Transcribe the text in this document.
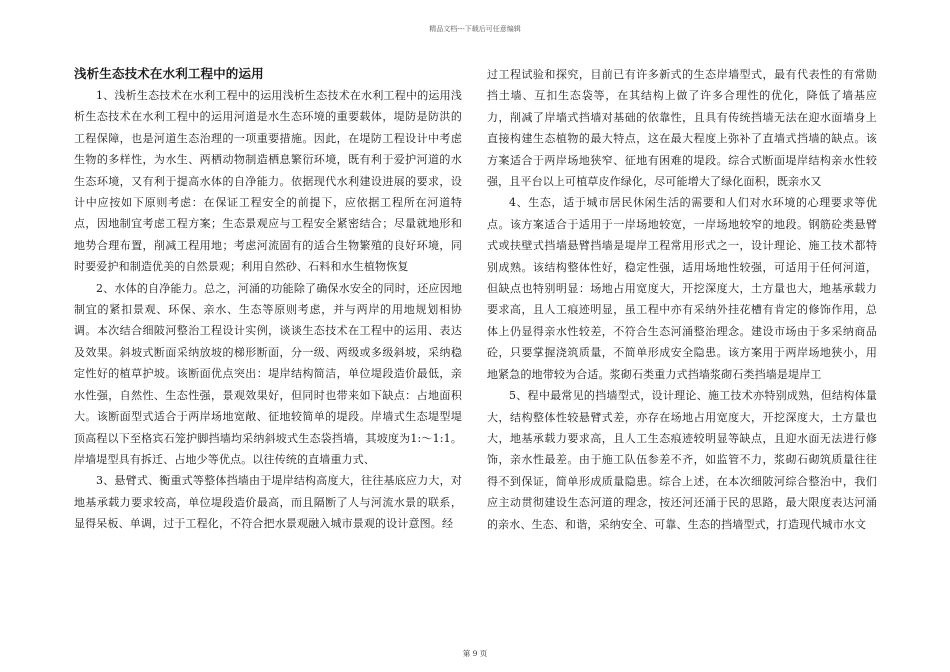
精品文档---下载后可任意编辑
浅析生态技术在水利工程中的运用

1、浅析生态技术在水利工程中的运用浅析生态技术在水利工程中的运用浅析生态技术在水利工程中的运用河道是水生态环境的重要载体，堤防是防洪的工程保障，也是河道生态治理的一项重要措施。因此，在堤防工程设计中考虑生物的多样性，为水生、两栖动物制造栖息繁衍环境，既有利于爱护河道的水生态环境，又有利于提高水体的自净能力。依据现代水利建设进展的要求，设计中应按如下原则考虑：在保证工程安全的前提下，应依据工程所在河道特点，因地制宜考虑工程方案；生态景观应与工程安全紧密结合；尽量就地形和地势合理布置，削减工程用地；考虑河流固有的适合生物繁殖的良好环境，同时要爱护和制造优美的自然景观；利用自然砂、石料和水生植物恢复

2、水体的自净能力。总之，河涌的功能除了确保水安全的同时，还应因地制宜的紧扣景观、环保、亲水、生态等原则考虑，并与两岸的用地规划相协调。本次结合细陂河整治工程设计实例，谈谈生态技术在工程中的运用、表达及效果。斜坡式断面采纳放坡的梯形断面，分一级、两级或多级斜坡，采纳稳定性好的植草护坡。该断面优点突出：堤岸结构简洁，单位堤段造价最低，亲水性强，自然性、生态性强，景观效果好，但同时也带来如下缺点：占地面积大。该断面型式适合于两岸场地宽敞、征地较简单的堤段。岸墙式生态堤型堤顶高程以下至格宾石笼护脚挡墙均采纳斜坡式生态袋挡墙，其坡度为1:～1:1。岸墙堤型具有拆迁、占地少等优点。以往传统的直墙重力式、

3、悬臂式、衡重式等整体挡墙由于堤岸结构高度大，往往基底应力大，对地基承载力要求较高，单位堤段造价最高，而且隔断了人与河流水景的联系，显得呆板、单调，过于工程化，不符合把水景观融入城市景观的设计意图。经

过工程试验和探究，目前已有许多新式的生态岸墙型式，最有代表性的有常勋挡土墙、互扣生态袋等，在其结构上做了许多合理性的优化，降低了墙基应力，削减了岸墙式挡墙对基础的依靠性，且具有传统挡墙无法在迎水面墙身上直接构建生态植物的最大特点，这在最大程度上弥补了直墙式挡墙的缺点。该方案适合于两岸场地狭窄、征地有困难的堤段。综合式断面堤岸结构亲水性较强，且平台以上可植草皮作绿化，尽可能增大了绿化面积，既亲水又

4、生态，适于城市居民休闲生活的需要和人们对水环境的心理要求等优点。该方案适合于适用于一岸场地较宽，一岸场地较窄的地段。钢筋砼类悬臂式或扶壁式挡墙悬臂挡墙是堤岸工程常用形式之一，设计理论、施工技术都特别成熟。该结构整体性好，稳定性强，适用场地性较强，可适用于任何河道，但缺点也特别明显：场地占用宽度大，开挖深度大，土方量也大，地基承载力要求高，且人工痕迹明显，虽工程中亦有采纳外挂花槽有肯定的修饰作用，总体上仍显得亲水性较差，不符合生态河涌整治理念。建设市场由于多采纳商品砼，只要掌握浇筑质量，不简单形成安全隐患。该方案用于两岸场地狭小，用地紧急的地带较为合适。浆砌石类重力式挡墙浆砌石类挡墙是堤岸工

5、程中最常见的挡墙型式，设计理论、施工技术亦特别成熟，但结构体量大，结构整体性较悬臂式差，亦存在场地占用宽度大，开挖深度大，土方量也大，地基承载力要求高，且人工生态痕迹较明显等缺点，且迎水面无法进行修饰，亲水性最差。由于施工队伍参差不齐，如监管不力，浆砌石砌筑质量往往得不到保证，简单形成质量隐患。综合上述，在本次细陂河综合整治中，我们应主动贯彻建设生态河道的理念，按还河还涌于民的思路，最大限度表达河涌的亲水、生态、和谐，采纳安全、可靠、生态的挡墙型式，打造现代城市水文

第 9 页
